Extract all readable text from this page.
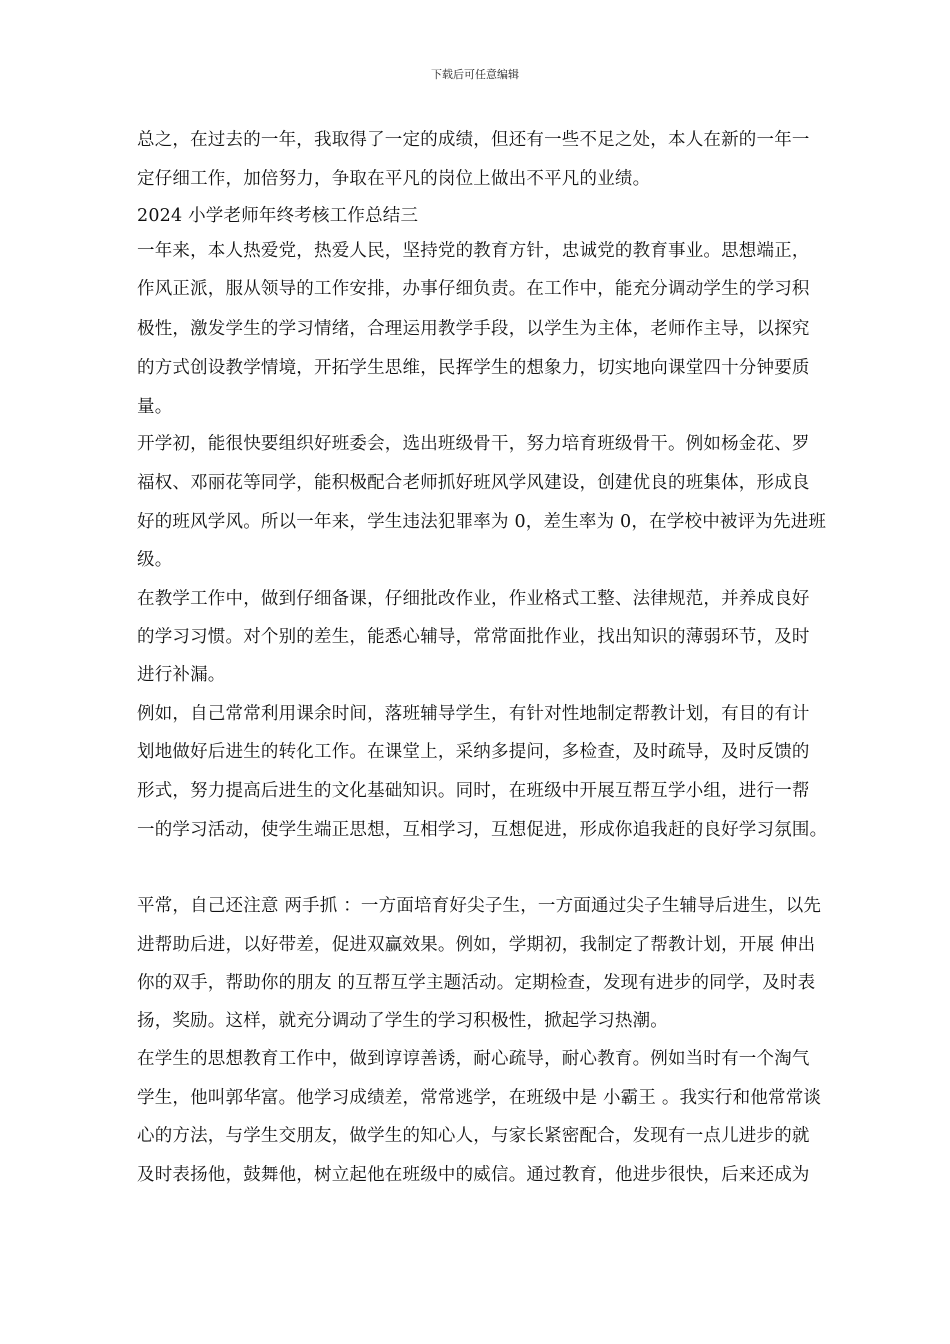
下载后可任意编辑
总之，在过去的一年，我取得了一定的成绩，但还有一些不足之处，本人在新的一年一
定仔细工作，加倍努力，争取在平凡的岗位上做出不平凡的业绩。
2024 小学老师年终考核工作总结三
一年来，本人热爱党，热爱人民，坚持党的教育方针，忠诚党的教育事业。思想端正，
作风正派，服从领导的工作安排，办事仔细负责。在工作中，能充分调动学生的学习积
极性，激发学生的学习情绪，合理运用教学手段，以学生为主体，老师作主导，以探究
的方式创设教学情境，开拓学生思维，民挥学生的想象力，切实地向课堂四十分钟要质
量。
开学初，能很快要组织好班委会，选出班级骨干，努力培育班级骨干。例如杨金花、罗
福权、邓丽花等同学，能积极配合老师抓好班风学风建设，创建优良的班集体，形成良
好的班风学风。所以一年来，学生违法犯罪率为 0，差生率为 0，在学校中被评为先进班
级。
在教学工作中，做到仔细备课，仔细批改作业，作业格式工整、法律规范，并养成良好
的学习习惯。对个别的差生，能悉心辅导，常常面批作业，找出知识的薄弱环节，及时
进行补漏。
例如，自己常常利用课余时间，落班辅导学生，有针对性地制定帮教计划，有目的有计
划地做好后进生的转化工作。在课堂上，采纳多提问，多检查，及时疏导，及时反馈的
形式，努力提高后进生的文化基础知识。同时，在班级中开展互帮互学小组，进行一帮
一的学习活动，使学生端正思想，互相学习，互想促进，形成你追我赶的良好学习氛围。
平常，自己还注意 两手抓 ：一方面培育好尖子生，一方面通过尖子生辅导后进生，以先
进帮助后进，以好带差，促进双赢效果。例如，学期初，我制定了帮教计划，开展 伸出
你的双手，帮助你的朋友 的互帮互学主题活动。定期检查，发现有进步的同学，及时表
扬，奖励。这样，就充分调动了学生的学习积极性，掀起学习热潮。
在学生的思想教育工作中，做到谆谆善诱，耐心疏导，耐心教育。例如当时有一个淘气
学生，他叫郭华富。他学习成绩差，常常逃学，在班级中是 小霸王 。我实行和他常常谈
心的方法，与学生交朋友，做学生的知心人，与家长紧密配合，发现有一点儿进步的就
及时表扬他，鼓舞他，树立起他在班级中的威信。通过教育，他进步很快，后来还成为
